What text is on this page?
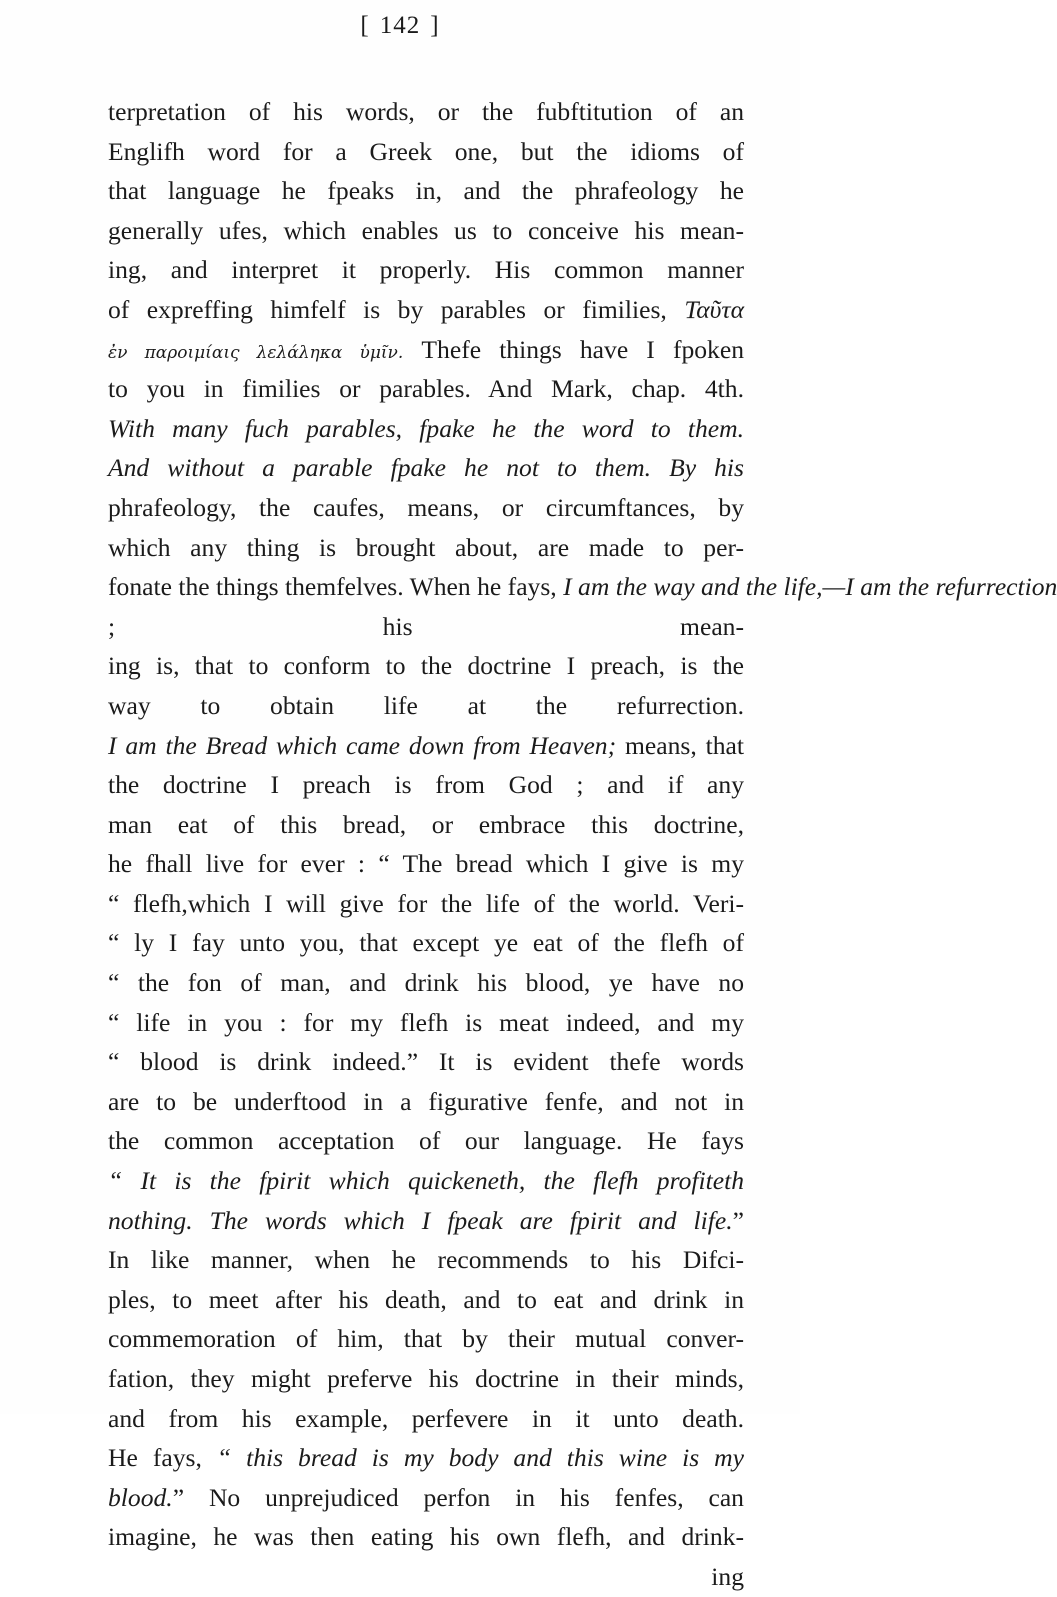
[ 142 ]
terpretation of his words, or the fubftitution of an
Englifh word for a Greek one, but the idioms of
that language he fpeaks in, and the phrafeology he
generally ufes, which enables us to conceive his mean-
ing, and interpret it properly. His common manner
of expreffing himfelf is by parables or fimilies, Ταῦτα
ἐν παροιμίαις λελάληκα ὑμῖν. Thefe things have I fpoken
to you in fimilies or parables. And Mark, chap. 4th.
With many fuch parables, fpake he the word to them.
And without a parable fpake he not to them. By his
phrafeology, the caufes, means, or circumftances, by
which any thing is brought about, are made to per-
fonate the things themfelves. When he fays, I am the way and the life,—I am the refurrection
;	his mean-
ing is, that to conform to the doctrine I preach, is the
way to obtain life at the refurrection.
I am the Bread which came down from Heaven; means, that
the doctrine I preach is from God ; and if any
man eat of this bread, or embrace this doctrine,
he fhall live for ever : “ The bread which I give is my
“ flefh,which I will give for the life of the world. Veri-
“ ly I fay unto you, that except ye eat of the flefh of
“ the fon of man, and drink his blood, ye have no
“ life in you : for my flefh is meat indeed, and my
“ blood is drink indeed.” It is evident thefe words
are to be underftood in a figurative fenfe, and not in
the common acceptation of our language. He fays
“ It is the fpirit which quickeneth, the flefh profiteth
nothing. The words which I fpeak are fpirit and life.”
In like manner, when he recommends to his Difci-
ples, to meet after his death, and to eat and drink in
commemoration of him, that by their mutual conver-
fation, they might preferve his doctrine in their minds,
and from his example, perfevere in it unto death.
He fays, “ this bread is my body and this wine is my
blood.” No unprejudiced perfon in his fenfes, can
imagine, he was then eating his own flefh, and drink-
ing
